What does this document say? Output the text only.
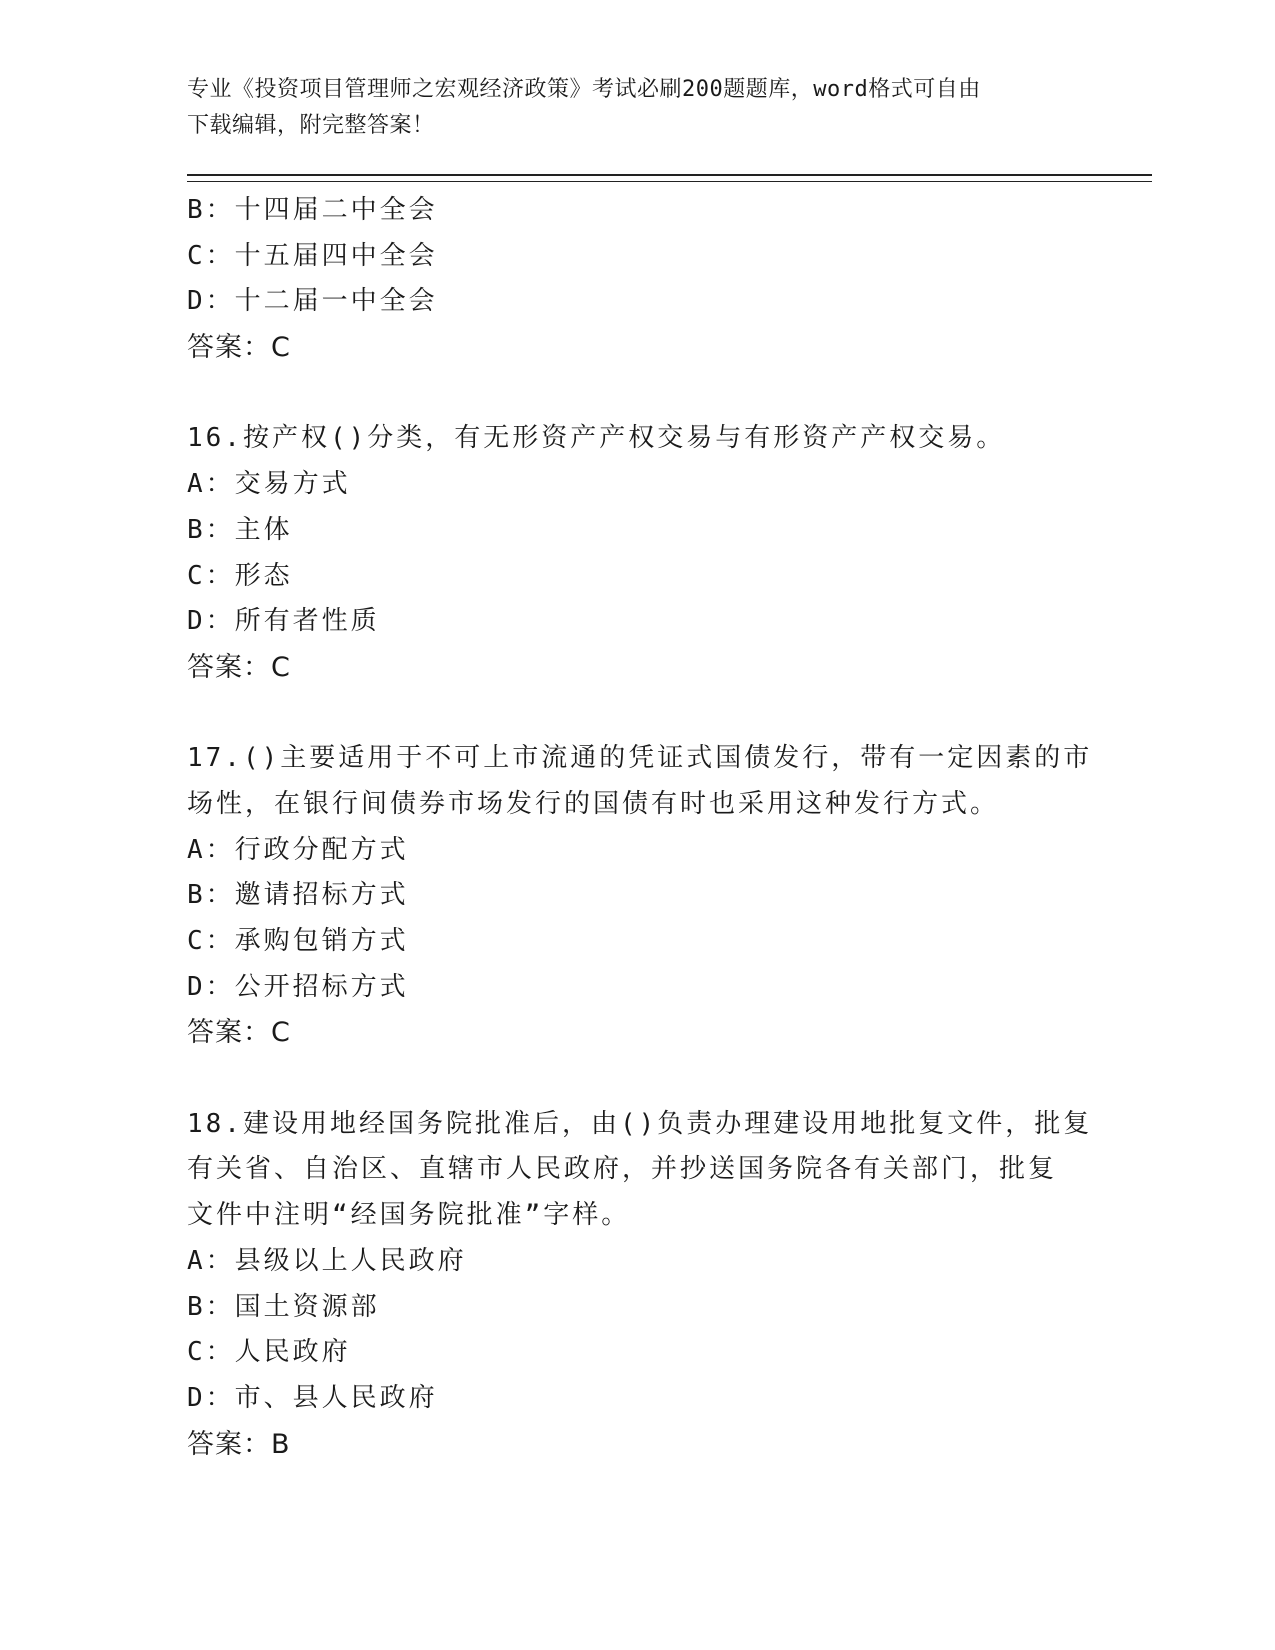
专业《投资项目管理师之宏观经济政策》考试必刷200题题库，word格式可自由
下载编辑，附完整答案！
B：十四届二中全会
C：十五届四中全会
D：十二届一中全会
答案：C
16.按产权()分类，有无形资产产权交易与有形资产产权交易。
A：交易方式
B：主体
C：形态
D：所有者性质
答案：C
17.()主要适用于不可上市流通的凭证式国债发行，带有一定因素的市
场性，在银行间债券市场发行的国债有时也采用这种发行方式。
A：行政分配方式
B：邀请招标方式
C：承购包销方式
D：公开招标方式
答案：C
18.建设用地经国务院批准后，由()负责办理建设用地批复文件，批复
有关省、自治区、直辖市人民政府，并抄送国务院各有关部门，批复
文件中注明“经国务院批准”字样。
A：县级以上人民政府
B：国土资源部
C：人民政府
D：市、县人民政府
答案：B
